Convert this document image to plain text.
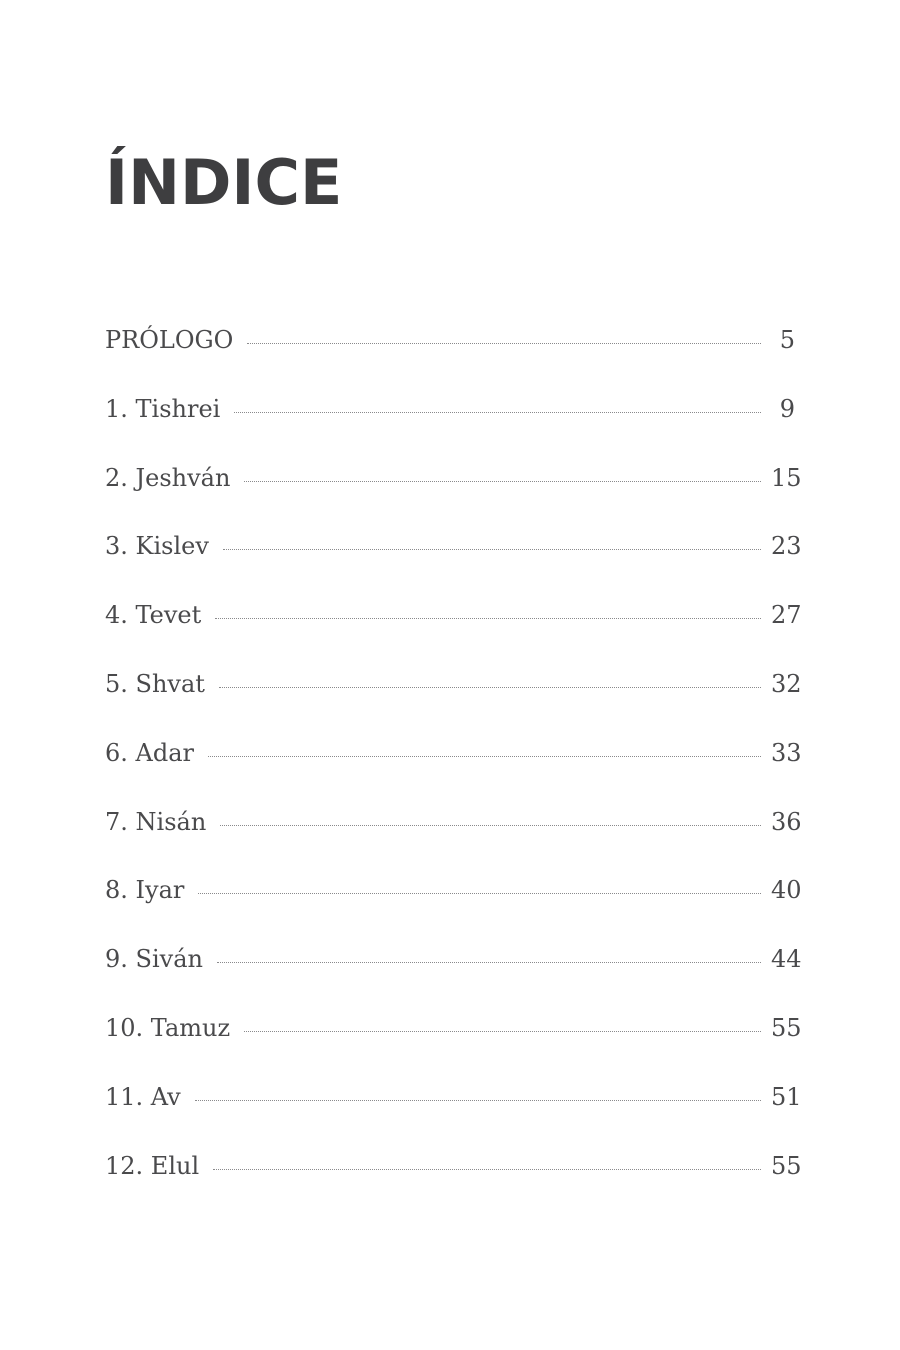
ÍNDICE
PRÓLOGO	5
1. Tishrei	9
2. Jeshván	15
3. Kislev	23
4. Tevet	27
5. Shvat	32
6. Adar	33
7. Nisán	36
8. Iyar	40
9. Siván	44
10. Tamuz	55
11. Av	51
12. Elul	55
